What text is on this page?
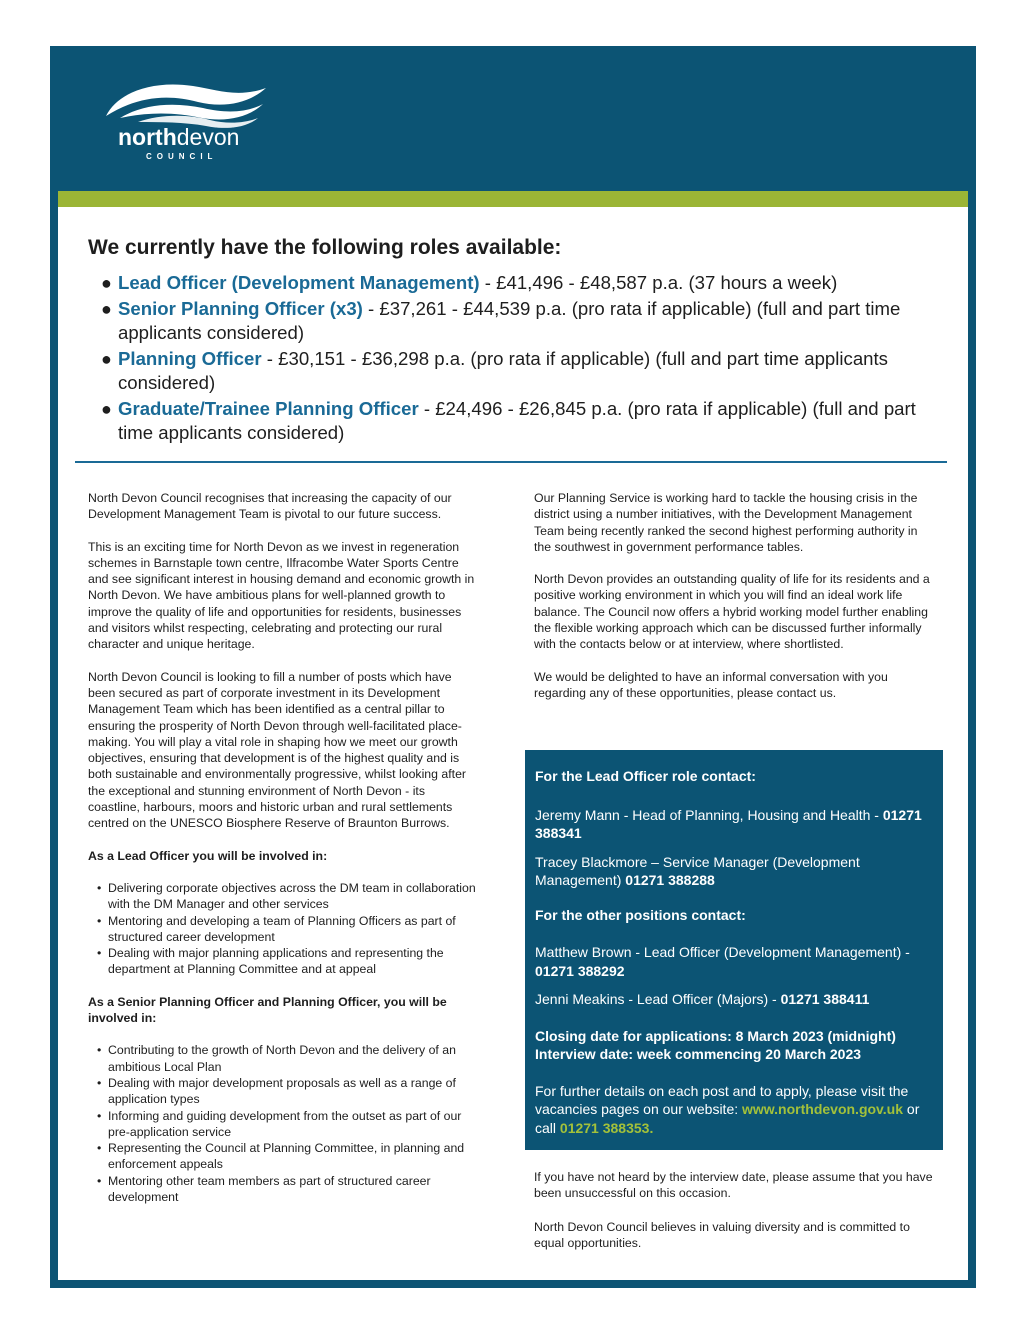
northdevon
COUNCIL
We currently have the following roles available:
● Lead Officer (Development Management) - £41,496 - £48,587 p.a. (37 hours a week)
● Senior Planning Officer (x3) - £37,261 - £44,539 p.a. (pro rata if applicable) (full and part time applicants considered)
● Planning Officer - £30,151 - £36,298 p.a. (pro rata if applicable) (full and part time applicants considered)
● Graduate/Trainee Planning Officer - £24,496 - £26,845 p.a. (pro rata if applicable) (full and part time applicants considered)

North Devon Council recognises that increasing the capacity of our Development Management Team is pivotal to our future success.

This is an exciting time for North Devon as we invest in regeneration schemes in Barnstaple town centre, Ilfracombe Water Sports Centre and see significant interest in housing demand and economic growth in North Devon. We have ambitious plans for well-planned growth to improve the quality of life and opportunities for residents, businesses and visitors whilst respecting, celebrating and protecting our rural character and unique heritage.

North Devon Council is looking to fill a number of posts which have been secured as part of corporate investment in its Development Management Team which has been identified as a central pillar to ensuring the prosperity of North Devon through well-facilitated place-making. You will play a vital role in shaping how we meet our growth objectives, ensuring that development is of the highest quality and is both sustainable and environmentally progressive, whilst looking after the exceptional and stunning environment of North Devon - its coastline, harbours, moors and historic urban and rural settlements centred on the UNESCO Biosphere Reserve of Braunton Burrows.

As a Lead Officer you will be involved in:
• Delivering corporate objectives across the DM team in collaboration with the DM Manager and other services
• Mentoring and developing a team of Planning Officers as part of structured career development
• Dealing with major planning applications and representing the department at Planning Committee and at appeal
As a Senior Planning Officer and Planning Officer, you will be involved in:
• Contributing to the growth of North Devon and the delivery of an ambitious Local Plan
• Dealing with major development proposals as well as a range of application types
• Informing and guiding development from the outset as part of our pre-application service
• Representing the Council at Planning Committee, in planning and enforcement appeals
• Mentoring other team members as part of structured career development

Our Planning Service is working hard to tackle the housing crisis in the district using a number initiatives, with the Development Management Team being recently ranked the second highest performing authority in the southwest in government performance tables.

North Devon provides an outstanding quality of life for its residents and a positive working environment in which you will find an ideal work life balance. The Council now offers a hybrid working model further enabling the flexible working approach which can be discussed further informally with the contacts below or at interview, where shortlisted.

We would be delighted to have an informal conversation with you regarding any of these opportunities, please contact us.

For the Lead Officer role contact:

Jeremy Mann - Head of Planning, Housing and Health - 01271 388341

Tracey Blackmore – Service Manager (Development Management) 01271 388288

For the other positions contact:

Matthew Brown - Lead Officer (Development Management) - 01271 388292

Jenni Meakins - Lead Officer (Majors) - 01271 388411

Closing date for applications: 8 March 2023 (midnight)

Interview date: week commencing 20 March 2023

For further details on each post and to apply, please visit the vacancies pages on our website: www.northdevon.gov.uk or call 01271 388353.

If you have not heard by the interview date, please assume that you have been unsuccessful on this occasion.

North Devon Council believes in valuing diversity and is committed to equal opportunities.
